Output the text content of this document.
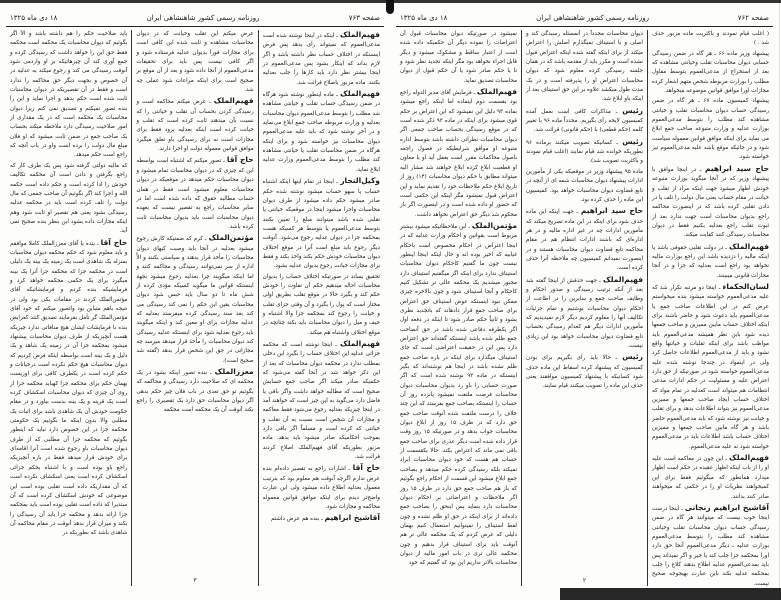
صفحه ۷۶۳
روزنامه رسمی کشور شاهنشاهی ایران
۱۸ دی ماه ۱۳۲۵

فهیم‌الملک ـ اینکه در اینجا نوشته شده است مدعی‌العموم که نمیتواند رأی بدهد پس فرض اینستکه در اختلاف حساب نظر داشته باشد و اگر لازم بداند که اینکار بشود پس مدعی‌العموم در اینجا بیشتر نظر دارد باید کارها را جلب بعدلیه بکنند. ماده مزبور باصلاح قرائت شد.

فهیم‌الملک ـ ماده اینطور نوشته شود هرگاه در ضمن رسیدگی حساب تقلب و خیانتی مشاهده شد مطلب را بتوسط مدعی‌العموم دیوان محاسبات بعدلیه و وزارت مربوطه صاحب جمع ابلاغ می‌نماید و در آخر نوشته شود که باید علیه مدعی‌العموم دیوان محاسبات نیز خواسته شود و برای اینکه هرگاه در ضمن محاسبات تقلب یا خیانتی مشاهده کند مطلب را بتوسط مدعی‌العموم وزارت عدلیه ابلاغ نماید.

وکیل‌التجار ـ اینجا در تمام اینها اینکه اشتباه حساب یا سهو حساب میشود نوشته شده حکم صادر میشود حکم داده میشود از طرف دیوان محاسبات واجرا میشود اینجا در موقعیکه خیانتی یا تقلبی شده باشد میتوانند مبلغ را تعیین بکنند بتوسط مدعی‌العموم یا بتوسط هر کسیکه هست بمحکمه جزا در دیوان عدلیه رجوع می‌شود. آنوقت دیگر رجوع باید مبلغ است آنرا در موقع اختلاف دیوان محاسبات خودش حکم بکند واخذ بکند و فقط برای مجازات خیانت رجوع بدیوان عدلیه بشود.

تحقیق بساند در صورتیکه اختلاف حساب را بدیوان محاسبات احاله میدهیم حکم آن تفاوت را خودش حکم کند و بگیرد حالا در موقع تقلب بطریق اولی مختار است که پول را بگیرد و آن وقتی جزای تقلب و خیانت را رجوع کند بمحکمه جزا والا اشتباه و حیف و میل را دیوان محاسبات باید بکند چنانچه در موقع اختلاف واشتباه هم میکند.

فهیم‌الملک ـ اینجا نوشته است که محکمه جزائی عدلیه این اختلاف حساب را بگیرد این دخلی بمطلب ندارد در محکمه دیوان محاسبات که بعد از این ذکر خواهد شد در آنجا گفته می‌شود که حکمیکه صادر میکند اگر صاحب جمع حسابش صحیح است که مطالبه خواهد داشت واگر باقی یا فاضل دارد می‌گوید به این چیز است که خواهند آمد در اینجا چیزیکه بعدلیه رجوع می‌شود فقط معاکمه و مجازات آن شخص است نسبت به آن تقلب و خیانتی که کرده است و مسلماً اگر باقی دارد بموجب احکامیکه صادر میشود باید بدهد. ماده مزبور بطوریکه آقای فهیم‌الملک اصلاح کردند قرائت شد.

حاج آقا ـ اشارات راجع به تقصیر داده‌ام بنده عرض ندارم اگرچه آنوقت هم معلوم بود که بترتیب معمول بعدلیه اطلاع داده میشود ولی این عبارت واضح‌تر دیدم برای اینکه موافق قوانین معموله محاکمه و مجازات شود.

آقاشیخ ابراهیم ـ بنده هم عرض داشتم

عرض میکنم این تقلب وخیانت که در دیوان محاسبات مشاهده و ثابت شده این کافی است برای مجازات فورا بدیوان عدلیه فرستاده شود و اگر کافی نیست پس باید برای تحقیقات مدعی‌العموم از آنجا داده شود و بعد از آن موقع بر صحیح است برای اینکه مراعات شود عملی چه شد.

فهیم‌الملک ـ عرض میکنم محاکمه است و رسیدگی کردن بحساب آن تقلب و خیانتی را که نسبت بآن میدهند ثابت کرده است که تقلب و خیانت کرده است اینکه بعدلیه برود فقط برای مجازات است نه برای رسیدگی باو تعلق میگیرد موافق قوانین معموله دولت او اجرا دارند.

حاج آقا ـ تصور میکنم که اشتباه است بواسطه این که چیزی که در دیوان محاسبات تمام میشود و دیوان محاسبات حکم میدهد در موقعیکه در دیوان محاسبات معلوم میشود است فقط در همان حساب مطالبه حقوق که داده شده است اما در سایر محاسبات راجع به تقصیر نیست که بعهده دیوان محاسبات است باید بدیوان محاسبات ثابت کرده باشد.

مؤتمن‌الملک ـ کرم که ضمنیکه کارش رجوع میشود بعدلیه در آنجا باید وصیت کیهای دیوان محاسبات را مأخذ قرار بدهند و سیاستی بکنند و الاَّ اداره از سر نمی‌توانند رسیدگی و محاکمه کنند و اما اینکه میگویند چرا بعدلیه رجوع میشود بجهة اینستکه قوانین ما میگوید کسیکه مؤدی کرده از شش ماه تا دو سال باید حبس شود دیوان محاسبات یقین این حکم را نمی کند رسیدگی می کند بعد سند رسیدگی کرده میفرستد بعدلیه که عدلیه مجازات برای او معین کند و اینکه میگویند باید رجوع بعدلیه شود برای اینستکه عدلیه رسیدگی کند دیوان محاسبات را مأخذ قرار میدهد میرسد چه مجازاتی در حق این شخص قرار بدهد (گفته شد صحیح است).

معززالملک ـ بنده تصور اینکه بشود در یک محکمه ای که صلاحیت دارد رسیدگی و محاکمه که بگوئیم تو حق تعدی در باب فلان چیز حکم بدهی اگر دیوان محاسبات حق دارد یک تقصیری را راجع بکند آنوقت آن یک محکمه است محکمه

باید صلاحیت حکم را هم داشته باشد و الاّ اگر بگوئیم که دیوان محاسبات یک محکمه است محکمه فقط حق این را خواهد داشت که رسیدگی کرده و جمع آوری کند آن چیزهائیکه بر او واردمی شود آنوقت رسیدگی می کند و رجوع میکند به عدلیه در آن خصوص و بجهت دیگر حق محاکمه را ندارد است و فقط در آن تقصیریکه در دیوان محاسبات ثابت شده است حکم بدهد و اجرا نماید و این را بنده تصور نمیکنم و تصدیق نمی کنم زیرا دیوان محاسبات یک محکمه است که در یک مقداری از امور صلاحیت رسیدگی دارد ملاحظه میکند بحساب یک صاحب جمع در ضمن ثابت میشود که او فلان مبلغ مال دولت را برده است واو در باب آنچه که راجع است حکم میدهد.

که مالیه دولتی گرفته شود پس یک طرف کار که راجع بگرفتن و دادن است آن محکمه تکالیف خودش را ادا کرده است و حکم داده است حکمه الله و اجرا کند اگر بگوئیم آن صاحب جمعی که مال دولت را تلف کرده است باید در محکمه عدلیه رسیدگی بشود یعنی هم تقصیر او ثابت شود وهم اینکه مجازات داده بشود این بنظر بنده صحیح نمی آید.

حاج آقا ـ بنده با آقای معززالملک کاملا موافقم و باید معلوم شود که حکم محکمه دیوان محاسبات بمنزله یک شاهدی است یک زمینه یک بینه یک دلیلی است در محکمه جزا که محکمه جزا آنرا یک بینه میگیرد برای یک حکمی محکمه خواهد کرد و فرمایشیکه بنده کردم و فرمایشاتیکه آقای مؤتمن‌الملک کردند در مقامات یکی بود ولی در نتیجه باهم متباین بود واتصور میکنم که خود آقای مؤتمن‌الملک گر تأمل بفرمایند تصدیق کنند کعرایض بنده با فرمایشات ایشان هیچ منافاتی ندارد چیزیکه هست آنچیزیکه از طرف دیوان محاسبات پیشنهاد میشود بمحکمه جزا آن در زمینه یک شاهد و یک دلیل و یک بینه است بواسطه اینکه فرض کردیم که دیوان محاسبات هیچ حکم نکرده است درخیانات و حکم کرده است در یکطرف کافی برای اوزیست بهمان حکم برای محکمه جزا کهباید محکمه جزا از روی آن چیزی که دیوان محاسبات اسکشاف کرده است یک قرینه و یک بینه بدست بیاورد و در مقام حکومت خودش آن یک شاهدی باشد برای اثبات یک مطلبی والا بدون اینکه ما بگوئیم یک حکومتی محکمه جزا در این خصوص دارد نباید که اینطور بگوئیم که محکمه جزا آن مطلبی که از طرف دیوان محاسبات باو رجوع شده است آنرا اقامه‌ای برای خودش قرار میدهد فقط در باره آنچیزیکه راجع باو بوده است و با اشتباه بحکم جزائی اسکشاف کرده است یعنی اسکشاف نکرده است که آن مقداریکه داده است تقلبی بوده است این موضوعی که خودش اسکشاف کرده است که آن سندیرا که داده است تقلبی بوده است باید بمحکمه جزا ارائه بدهد و محکمه جزا باید آن رسیدگی را بکند و میزان قرار بدهد آنوقت در مقام محاکمه آن شاهدی باشد که بطوریکه در

۳
صفحه ۷۶۲
روزنامه رسمی کشور شاهنشاهی ایران
۱۸ دی ماه ۱۳۲۵

( اغلب قیام نمودند و باکثریت ماده مزبور حذف شد . )

پیشنهاد وزیر ماده ۶۶ ـ هر گاه در ضمن رسیدگی حسابی دیوان محاسبات تقلب وخیانتی مشاهده که بعد از استخراج از مدعی‌العموم بتوسط مقاول مطلب را بوزارت مربوطه شخص متهم اشعار کرده مجازات اورا موافق قوانین موضوعه میخواهد.

پیشنهاد کمیسیون ماده ۶۷ ـ هر گاه در ضمن رسیدگی حساب دیوان محاسبات تقلب و خیانتی مشاهده کند مطلب را بتوسط مدعی‌العموم بوزارت عدلیه و وزارت متبوعه صاحب جمع ابلاغ می نماید برای اینکه موافق قوانین معموله سیاست شود و در جائیکه موقع باشد علیه مدعی‌العموم نیز خواسته شود.

حاج سید ابراهیم ـ در اینجا موافق با پیشنهاد وزیر که در آنجا میگوید بوزارت متبوعه خودش اظهار میشود جهت اینکه مراد از تقلب و خیانت در مقام حساب یعنی مال دولت را تلف یا در دادن تقلبی کرده باشد که در اینصورت محاکمه راجع بدیوان محاسبات است جهت ندارد بعد از ثبوت تقلب راجع بعدلیه بکنیم فقط در دیوان محاسبات رسیدگی کنند کفایت میکند.

فهیم‌الملک ـ در دولت تقلبی حقوقی باشد یا اینکه مالیه را دزدیده باشد این راجع بوزارت مالیه نخواهد بود راجع است بعدلیه که جزا و در آنجا مجازات قانونی میبینند.

لسان‌الحکماء ـ اینجا دو مرتبه تکرار شد که علیه مدعی‌العموم خواسته میشود بنده میخواستم عرض کنم در این اطلاعات صاحب جمع یا مدعی‌العموم باید دعوت شود و حاضر باشند برای اینکه اختلاف حساب مابین ممیزین و صاحب جمعها دیده شود باین نظر همیشه مدعی‌العموم باید مواظب باشد برای اینکه تقلبات و خیانتها واقع نشود و باید از مدعی‌العموم اطلاعات حاصل کرد ولی در اینمواد در چندجا نوشته شده علیه مدعی‌العموم خواسته شود در صورتیکه از حق دارد اعتراض علیه و مسئولیت در حکم ادارات مدعی انتظامات هم میتواند است کعدلیه در تمام مواد که اختلاف حساب ایجاد صاحب جمعها و ممیزین مدعی‌العموم نیز بتواند اطلاعات بدهد و برای تقلب و خیانت نیز نوشته شود که باید مدعی‌العموم حاضر باشد و هر گاه مابین صاحب جمعها و ممیزین اختلاف حساب باشد اطلاعات باید در مدعی‌العموم خواسته شود نه علیه مدعی‌العموم.

فهیم‌الملک ـ این چون در معاکمه است علیه او را از باب اینکه اظهار عقیده در حکم است اظهار میدارد همانطور که میگوئیم فقط برای این کمیخواهند نظریات او را در حکمی که میخواهند صادر کنند بدانند.

آقاشیخ ابراهیم زنجانی ـ اینجا درست اینجا خوب نیست که میتوانند هر گاه در ضمن رسیدگی حساب دیوان محاسبات تقلب وخیانتی مشاهده کند مطلب را بتوسط مدعی‌العموم بوزارت عدلیه ـ دیگر مدعی‌العموم آنجا حق دارد اورا بمحکمه جزا جلب کند یا خیر و اگر نمیداند پس باید بمدعی‌العموم عدلیه اطلاع بدهند کلاغ را جلب بمحکمه عدلیه بکند باین عبارت بهیجوجه صحیح نیست.

دیوان محاسبات مجدداً در آنمسئله رسیدگی کند و اصلی و با استیناف نمیگذارم اصلش را اعتراض میکند از برای اینکه گفته شده اینکه اعتراض قبول نشده است و مکرر باید از مقدمه باشد که در همان جلسه رسیدگی کرده معلوم شود که دیوان محاسبات اعتراض او را پذیرفته است و در یک مدت طول میکشد علاوه بر این حق استیناف بعد از اینکه باو ابلاغ شد.

رئیس ـ مذاکرات کافی است بعمل آمده کمیسیون لایحه رأی بگیریم. مجدداً ماده ۹۶ با تغییر کلمه (حکم قطعی) با (حکم قانونی) قرائت شد.

رئیس ـ کسانیکه تصویب میکنند برماده ۹۶ بطوریکه خوانده شد قیام نمایند (اغلب قیام نمودند و باکثریت تصویب شد).

ماده ۹۵ پیشنهاد وزیر در موقعیکه یکی از مأمورین ادارات پیشنهاد دیوان محاسبات شمه ای از آنچه در تابع قضاوت دیوان محاسبات خواهد بود. کمیسیون این ماده را حذف کرده بود.

حاج سید ابراهیم ـ جهت اینکه این ماده حذف شود برای اینکه در این ماده تصریح میکند که مأمورین ادارات چه در غیر اداره مالیه و در هر اداره‌ای که باشند ادارات انتظام هم در مقام محاکمه تابع قضاوت دیوان محاسبات هستند و در اینصورت نمیدانم کمیسیون چه ملاحظه آنرا حذف کرده است.

فهیم‌الملک ـ جهت حذفش از اینجا گفته شد بعد از آنکه ترتیب رسیدگی و صدور احکام و وظایف صاحب جمع و سایرین را در اطاعت از احکام دیوان محاسبات نوشتیم و تمام جزئیات تکالیف آنها را معلوم کردیم دیگر لازم نمیدیدیم که مأمورین ادارات دیگر هم کعدام رسیدگی بحساب تابع قضاوت دیوان محاسبات خواهد بود این زیادی نیست.

رئیس ـ حالا باید رأی بگیریم برای بودن کمیسیون که پیشنهاد کرده اسقاط این ماده حذف شود کسانیکه با پیشنهاد کمیسیون موافقند یعنی حذف این ماده را تصویب میکنند قیام نمایند.

نمیشود در صورتیکه دیوان محاسبات قبول آن اعتراضات را نموده دیگر آن حکمیکه داده شده است از اعتبار ساقط و مشکوک میشود و دیگر قابل اجراء نخواهد بود مگر اینکه تجدید نظر شود و تا یا حکم صادر شود یا آن حکم قبول از دیوان محاسبات تصدیق نماید.

فهیم‌الملک ـ فرمایش آقای مدیر الدوله راجع بود بقسمت دوم اینماده اما اینکه راجع میشود بماده ۹۳ دلیل این نمیشود که این اعتراض بر حکم قوی میشود برای اینکه در ماده ۹۳ ذکر شده است که در موقع رسیدگی بحساب صاحب جمعی اگر دیوان محاسبات نظراتی داشته باشد بتوسط اداره متبوعه او موافق شرایطیکه در فصول راجعه باصول محاکمات مقرر است بعمل آید او یا معاون او قطعیت ابلاغ کرده ابلاغ خواهند شد مشار الیه میتواند مطابق با حکم دیوان محاسبات (۱۴) روز از تاریخ ابلاغ حکم ملاحظات خود را تقدیم نماید و این اعتراض قبول نمیشود مگر اینکه این حکمی است که حضور او داده شده است و در اینصورت اگر باز محکوم شد دیگر حق اعتراض نخواهد داشت.

مؤتمن‌الملک ـ این ملاحظاتیکه میشود بیشتر مربوط است بقوانین و احکام وزارت عدلیه که در اینجا اعتراض در احکام مخصوص است باحکام غیابیه که اخیر بوده انه و حال اینکه اینجا اینطور نیست چون ما گفتیم کاحکام دیوان محاسبات استیناف ندارد برای اینکه اگر میگفتیم استیناف دارد مجبور میشدیم یک محکمه عالی تر تشکیل کنیم کاحکام و آنجا استیناف شود و چون بالاخره چیزی ممکن نبود اینستکه عوض استیناف حق اعتراض برای صاحب جمع قرار دادهاند که باتجدید نظری بشود و ثانیاً حکم صادر شود تا اینکه در دفعه اول اگر یکطرفه دفاعی شده باشد در حق آنصاحب جمع ظلم شده باشد اینستکه گفته‌اند حق اعتراض دارد پس این در حقیقت اعتراضی است که جای استیناف میگذارد برای اینکه در باره صاحب جمع ظلم نشده باشد در اینجا هم نوشته‌اند که بگیر اینستکه در ماده ۹۳ نوشته شده است که اگر صورت حسابی را باو رد بدیوان محاسبات دیوان محاسبات فرصت ملتفت نمیشود پانزده روز آن حساب را اینستکه بصاحب جمع بفرستد که این چند خلاف را درست ملتفت شده آنوقت صاحب جمع حق دارد که در ظرف ۱۵ روز از ابلاغ دیوان محاسبات جواب بدهد و در صورتیکه ۱۵ روز وقت قرار داده شده است دیگر عذری برای صاحب جمع باقی نمی ماند که اعتراض بکند. حالا یکقسمت از حساب هم هست که خود دیوان محاسبات ایراد نمیکند بلکه رسیدگی کرده حکم میدهد و بصاحب جمع ابلاغ میشود این قسمت از احکام راجع بگوئیم که باز هم صاحب جمع حق دارد در ظرف ۱۵ روز اگر ملاحظات و اعتراضاتی بر احکام دیوان محاسبات دارد بنماید پس اینحق را بصاحب جمع داده‌اند از برای اینکه در حق او ظلم نشده و چون لفظ استیناف را نمیتوانیم استعمال کنیم بهمان دلیلی که عرض کردم که یک محکمه عالی تر هم آنوقت باید برای استیناف قرار بدهیم و چون محکمه عالی تری در باب امور مالیه از دیوان محاسبات بالاتر نداریم این بود که گفتیم که خود

۲
